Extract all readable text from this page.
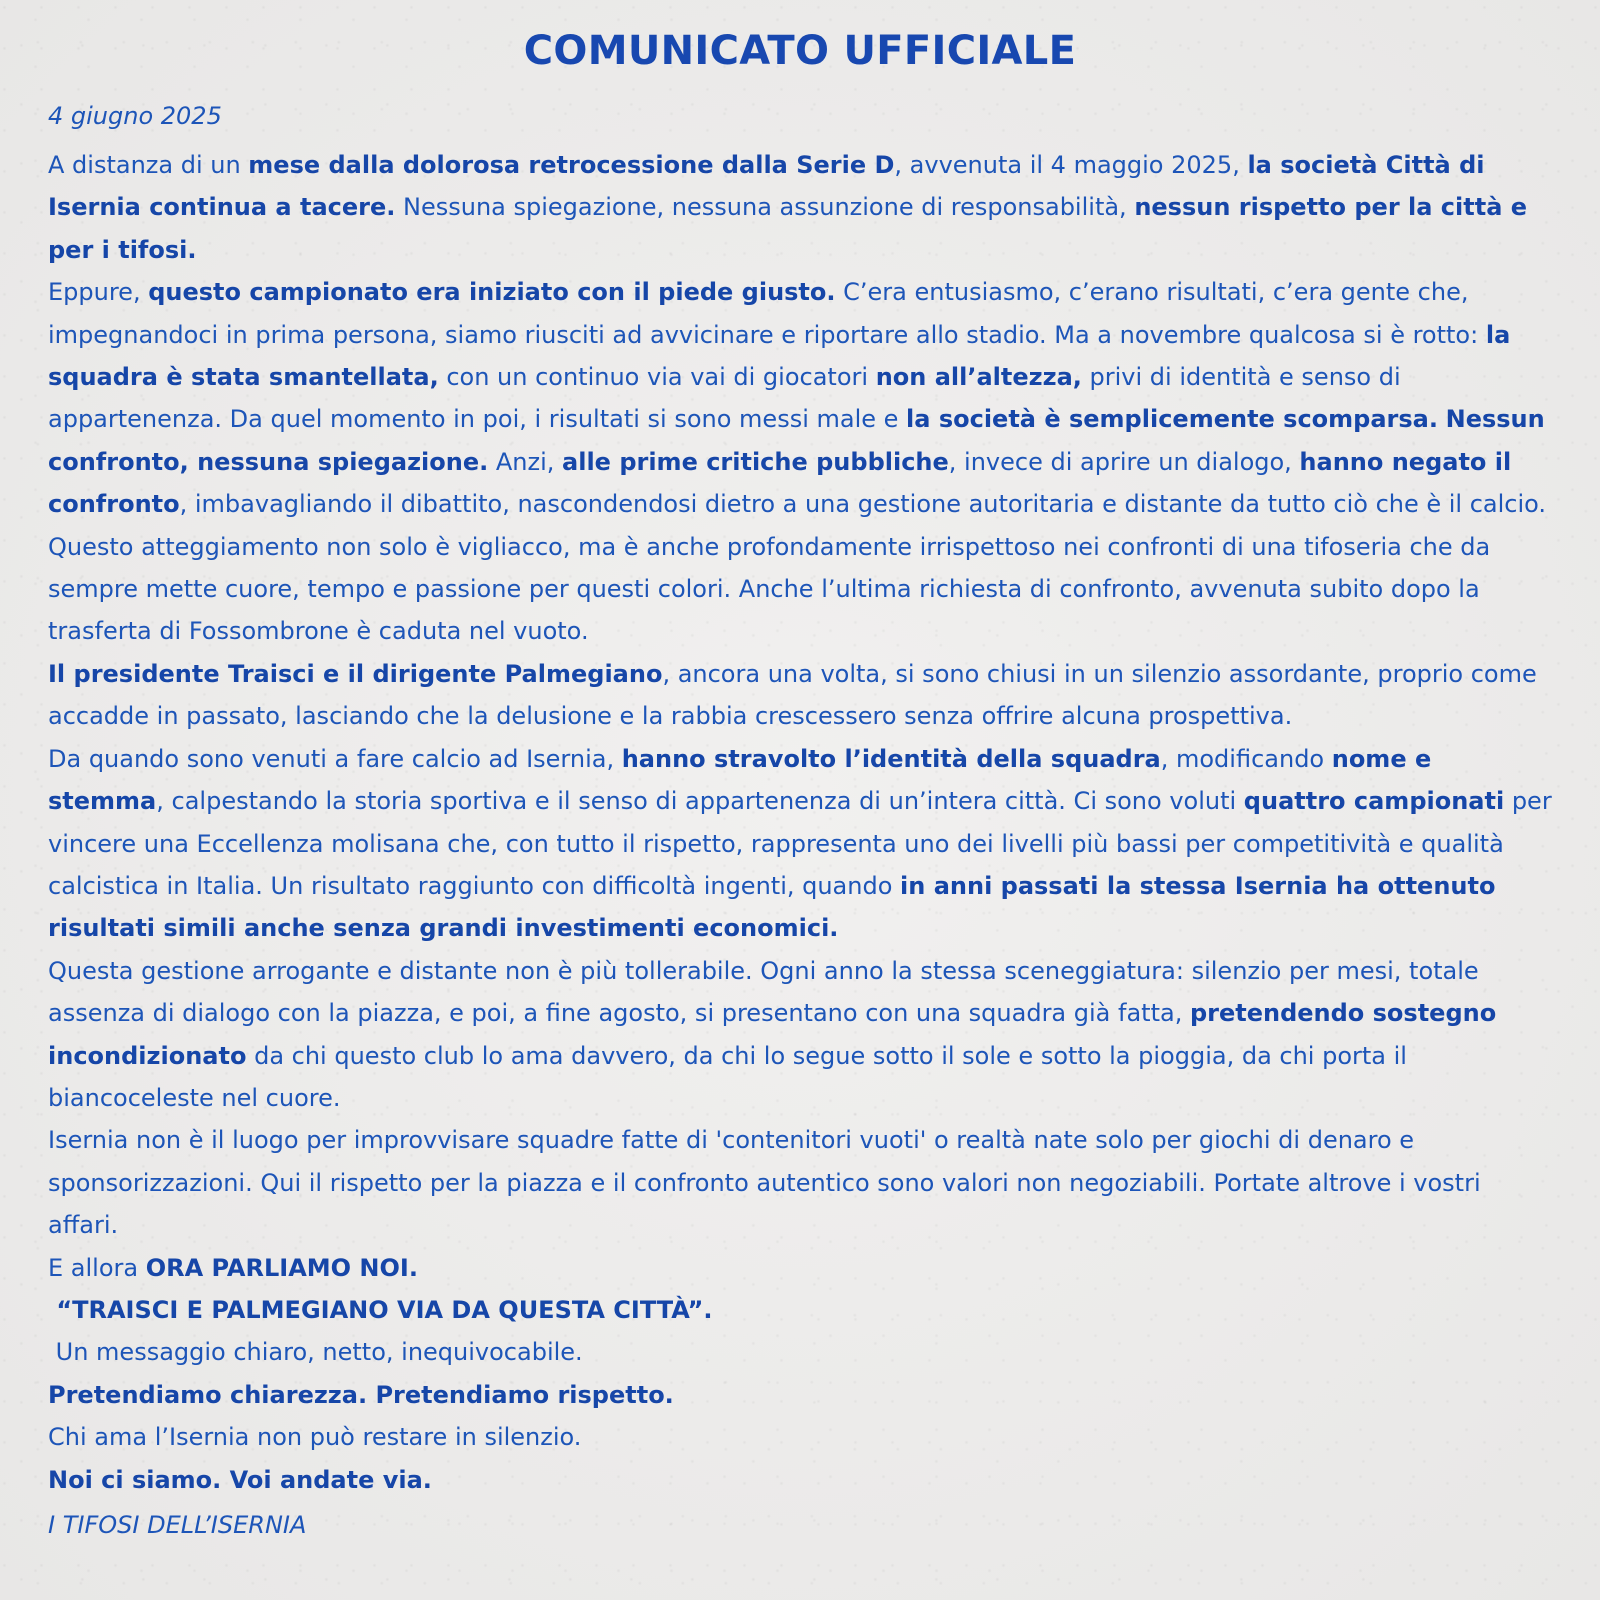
COMUNICATO UFFICIALE
4 giugno 2025

A distanza di un mese dalla dolorosa retrocessione dalla Serie D, avvenuta il 4 maggio 2025, la società Città di Isernia continua a tacere. Nessuna spiegazione, nessuna assunzione di responsabilità, nessun rispetto per la città e per i tifosi.

Eppure, questo campionato era iniziato con il piede giusto. C’era entusiasmo, c’erano risultati, c’era gente che, impegnandoci in prima persona, siamo riusciti ad avvicinare e riportare allo stadio. Ma a novembre qualcosa si è rotto: la squadra è stata smantellata, con un continuo via vai di giocatori non all’altezza, privi di identità e senso di appartenenza. Da quel momento in poi, i risultati si sono messi male e la società è semplicemente scomparsa. Nessun confronto, nessuna spiegazione. Anzi, alle prime critiche pubbliche, invece di aprire un dialogo, hanno negato il confronto, imbavagliando il dibattito, nascondendosi dietro a una gestione autoritaria e distante da tutto ciò che è il calcio. Questo atteggiamento non solo è vigliacco, ma è anche profondamente irrispettoso nei confronti di una tifoseria che da sempre mette cuore, tempo e passione per questi colori. Anche l’ultima richiesta di confronto, avvenuta subito dopo la trasferta di Fossombrone è caduta nel vuoto.

Il presidente Traisci e il dirigente Palmegiano, ancora una volta, si sono chiusi in un silenzio assordante, proprio come accadde in passato, lasciando che la delusione e la rabbia crescessero senza offrire alcuna prospettiva.

Da quando sono venuti a fare calcio ad Isernia, hanno stravolto l’identità della squadra, modificando nome e stemma, calpestando la storia sportiva e il senso di appartenenza di un’intera città. Ci sono voluti quattro campionati per vincere una Eccellenza molisana che, con tutto il rispetto, rappresenta uno dei livelli più bassi per competitività e qualità calcistica in Italia. Un risultato raggiunto con difficoltà ingenti, quando in anni passati la stessa Isernia ha ottenuto risultati simili anche senza grandi investimenti economici.

Questa gestione arrogante e distante non è più tollerabile. Ogni anno la stessa sceneggiatura: silenzio per mesi, totale assenza di dialogo con la piazza, e poi, a fine agosto, si presentano con una squadra già fatta, pretendendo sostegno incondizionato da chi questo club lo ama davvero, da chi lo segue sotto il sole e sotto la pioggia, da chi porta il biancoceleste nel cuore.

Isernia non è il luogo per improvvisare squadre fatte di 'contenitori vuoti' o realtà nate solo per giochi di denaro e sponsorizzazioni. Qui il rispetto per la piazza e il confronto autentico sono valori non negoziabili. Portate altrove i vostri affari.

E allora ORA PARLIAMO NOI.

“TRAISCI E PALMEGIANO VIA DA QUESTA CITTÀ”.

Un messaggio chiaro, netto, inequivocabile.

Pretendiamo chiarezza. Pretendiamo rispetto.

Chi ama l’Isernia non può restare in silenzio.

Noi ci siamo. Voi andate via.

I TIFOSI DELL’ISERNIA
